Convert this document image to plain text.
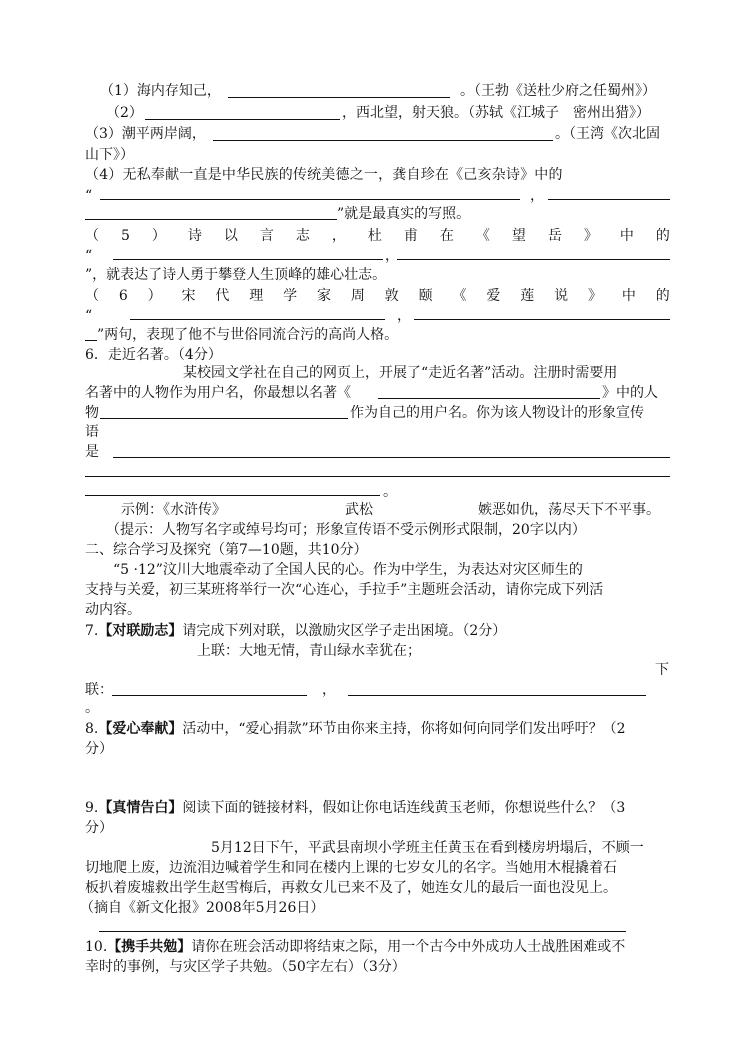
（1）海内存知己，	。（王勃《送杜少府之任蜀州》）
（2）	，西北望，射天狼。（苏轼《江城子　密州出猎》）
（3）潮平两岸阔，	。（王湾《次北固
山下》）
（4）无私奉献一直是中华民族的传统美德之一，龚自珍在《己亥杂诗》中的
“	，
”就是最真实的写照。
（ 5 ） 诗 以 言 志 ， 杜 甫 在 《 望 岳 》 中 的
“	，
”，就表达了诗人勇于攀登人生顶峰的雄心壮志。
（ 6 ） 宋 代 理 学 家 周 敦 颐 《 爱 莲 说 》 中 的
“	，
”两句，表现了他不与世俗同流合污的高尚人格。
6．走近名著。（4分）
某校园文学社在自己的网页上，开展了“走近名著”活动。注册时需要用
名著中的人物作为用户名，你最想以名著《	》中的人
物	作为自己的用户名。你为该人物设计的形象宣传
语
是
。
示例：《水浒传》	武松	嫉恶如仇，荡尽天下不平事。
（提示：人物写名字或绰号均可；形象宣传语不受示例形式限制，20字以内）
二、综合学习及探究（第7—10题，共10分）
“5 ·12”汶川大地震牵动了全国人民的心。作为中学生，为表达对灾区师生的
支持与关爱，初三某班将举行一次“心连心，手拉手”主题班会活动，请你完成下列活
动内容。
7.【对联励志】请完成下列对联，以激励灾区学子走出困境。（2分）
上联：大地无情，青山绿水幸犹在；
下
联：	，
。
8.【爱心奉献】活动中，“爱心捐款”环节由你来主持，你将如何向同学们发出呼吁？（2
分）
9.【真情告白】阅读下面的链接材料，假如让你电话连线黄玉老师，你想说些什么？（3
分）
5月12日下午，平武县南坝小学班主任黄玉在看到楼房坍塌后，不顾一
切地爬上废，边流泪边喊着学生和同在楼内上课的七岁女儿的名字。当她用木棍撬着石
板扒着废墟救出学生赵雪梅后，再救女儿已来不及了，她连女儿的最后一面也没见上。
（摘自《新文化报》2008年5月26日）
10.【携手共勉】请你在班会活动即将结束之际，用一个古今中外成功人士战胜困难或不
幸时的事例，与灾区学子共勉。（50字左右）（3分）
